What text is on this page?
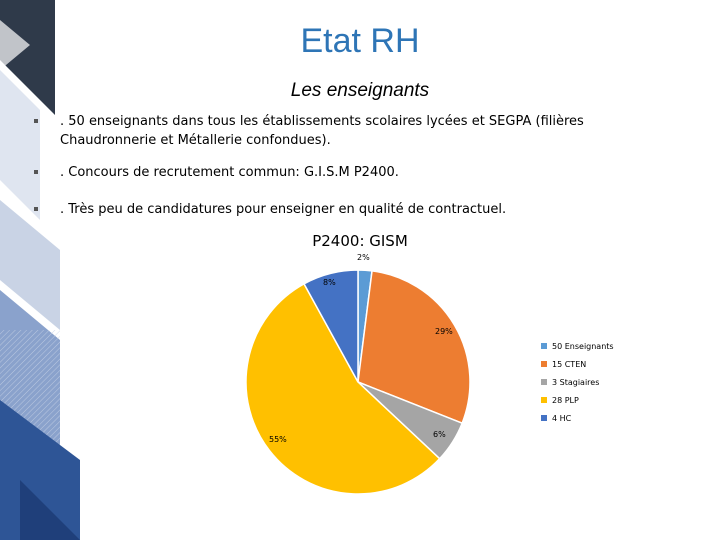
Etat RH
Les enseignants
. 50 enseignants dans tous les établissements scolaires lycées et SEGPA (filières Chaudronnerie et Métallerie confondues).
. Concours de recrutement commun: G.I.S.M P2400.
. Très peu de candidatures pour enseigner en qualité de contractuel.
P2400: GISM
2%
29%
6%
55%
8%
50 Enseignants
15 CTEN
3 Stagiaires
28 PLP
4 HC
